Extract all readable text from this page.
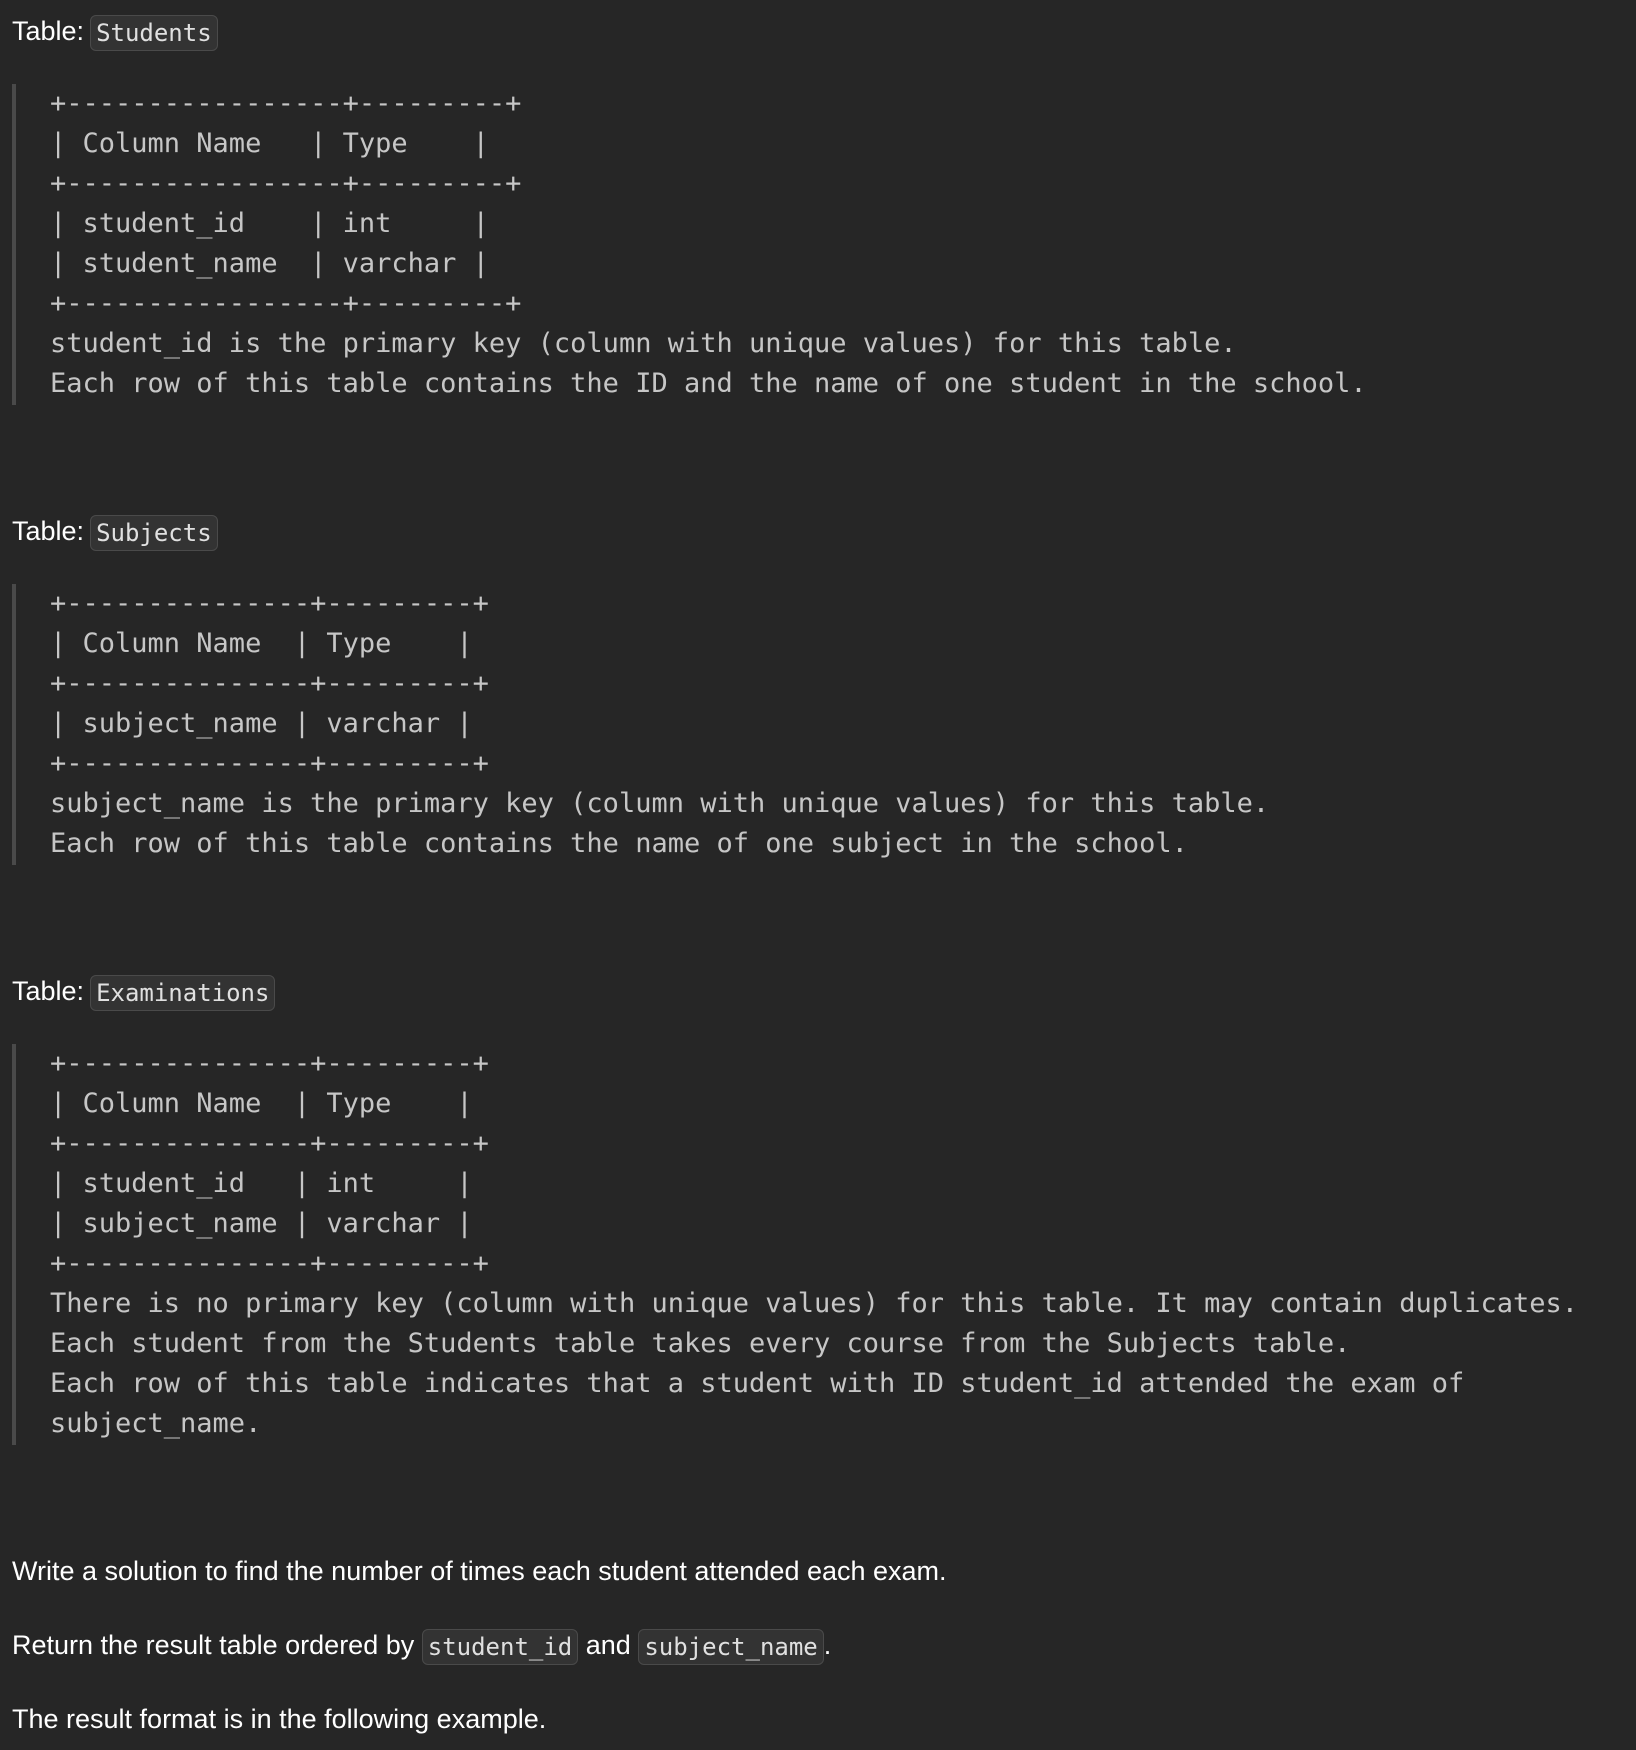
Table: Students
+-----------------+---------+
| Column Name   | Type    |
+-----------------+---------+
| student_id    | int     |
| student_name  | varchar |
+-----------------+---------+
student_id is the primary key (column with unique values) for this table.
Each row of this table contains the ID and the name of one student in the school.
Table: Subjects
+---------------+---------+
| Column Name  | Type    |
+---------------+---------+
| subject_name | varchar |
+---------------+---------+
subject_name is the primary key (column with unique values) for this table.
Each row of this table contains the name of one subject in the school.
Table: Examinations
+---------------+---------+
| Column Name  | Type    |
+---------------+---------+
| student_id   | int     |
| subject_name | varchar |
+---------------+---------+
There is no primary key (column with unique values) for this table. It may contain duplicates.
Each student from the Students table takes every course from the Subjects table.
Each row of this table indicates that a student with ID student_id attended the exam of
subject_name.
Write a solution to find the number of times each student attended each exam.
Return the result table ordered by student_id and subject_name .
The result format is in the following example.
